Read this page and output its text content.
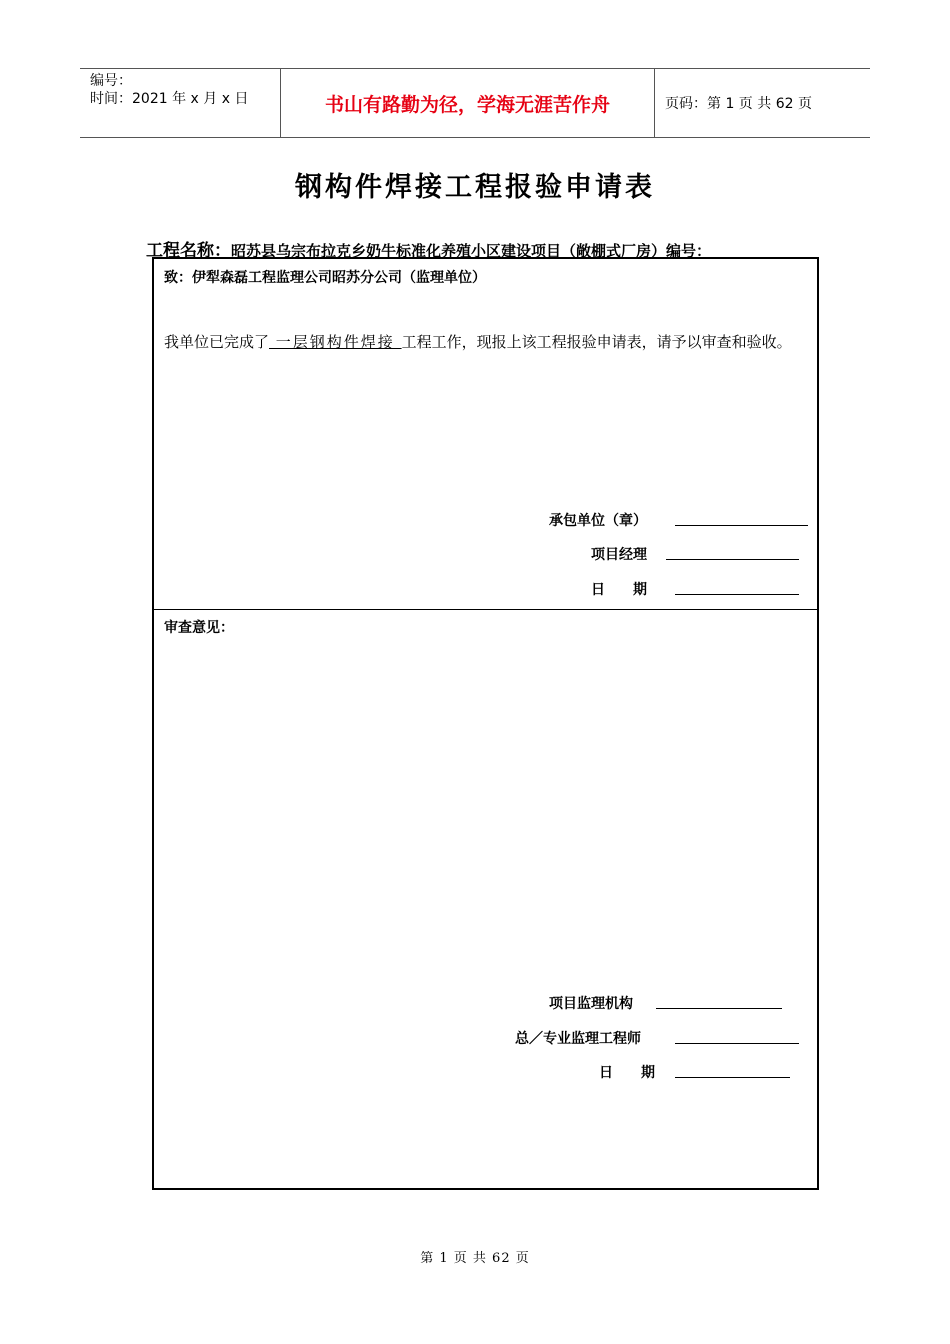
编号：
时间：2021 年 x 月 x 日	书山有路勤为径，学海无涯苦作舟	页码：第 1 页 共 62 页
钢构件焊接工程报验申请表
工程名称：昭苏县乌宗布拉克乡奶牛标准化养殖小区建设项目（敞棚式厂房）编号：
致：伊犁森磊工程监理公司昭苏分公司（监理单位）
我单位已完成了 一层钢构件焊接 工程工作，现报上该工程报验申请表，请予以审查和验收。
承包单位（章）
项目经理
日　　期
审查意见：
项目监理机构
总／专业监理工程师
日　　期
第 1 页 共 62 页
